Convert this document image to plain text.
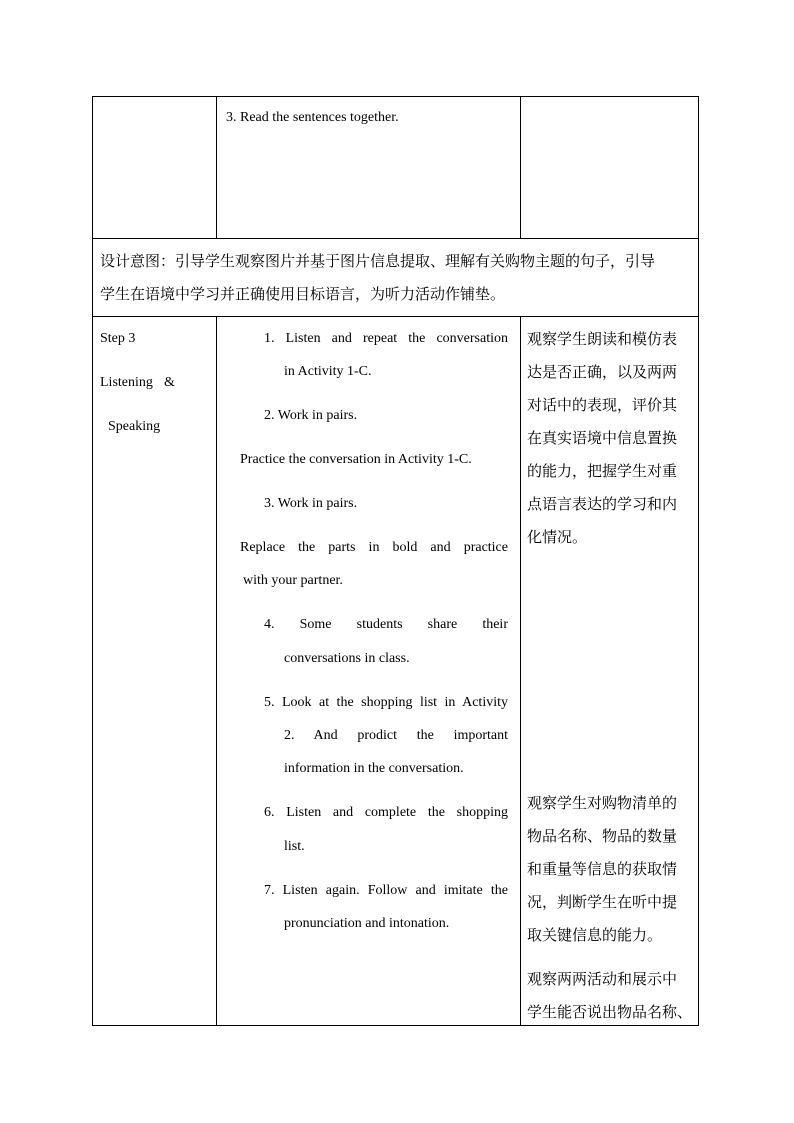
3. Read the sentences together.
设计意图：引导学生观察图片并基于图片信息提取、理解有关购物主题的句子，引导
学生在语境中学习并正确使用目标语言，为听力活动作铺垫。
Step 3
Listening &
Speaking
1. Listen and repeat the conversation
in Activity 1-C.
2. Work in pairs.
Practice the conversation in Activity 1-C.
3. Work in pairs.
Replace the parts in bold and practice
with your partner.
4. Some students share their
conversations in class.
5. Look at the shopping list in Activity
2. And prodict the important
information in the conversation.
6. Listen and complete the shopping
list.
7. Listen again. Follow and imitate the
pronunciation and intonation.
观察学生朗读和模仿表
达是否正确，以及两两
对话中的表现，评价其
在真实语境中信息置换
的能力，把握学生对重
点语言表达的学习和内
化情况。
观察学生对购物清单的
物品名称、物品的数量
和重量等信息的获取情
况，判断学生在听中提
取关键信息的能力。
观察两两活动和展示中
学生能否说出物品名称、
